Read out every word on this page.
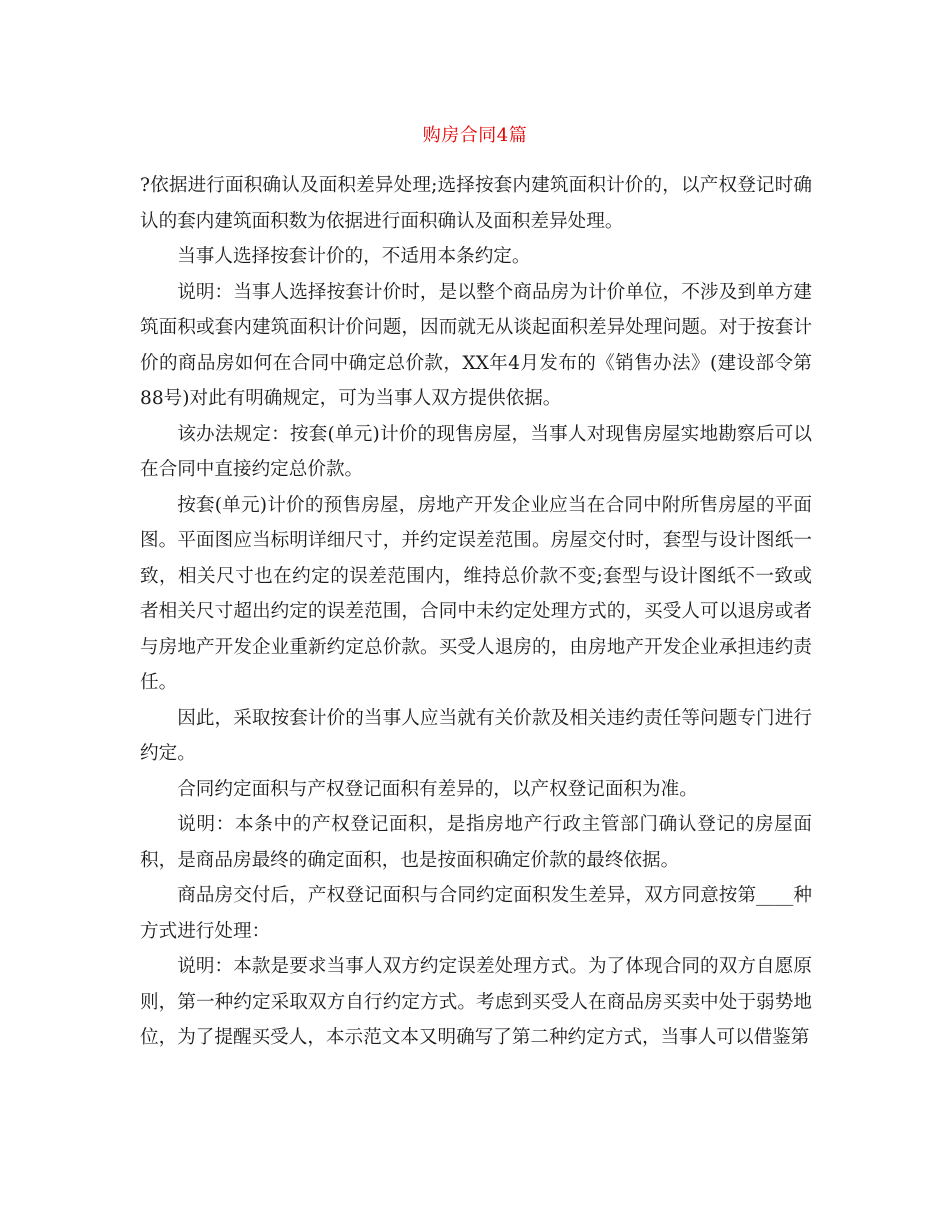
购房合同4篇

?依据进行面积确认及面积差异处理;选择按套内建筑面积计价的，以产权登记时确认的套内建筑面积数为依据进行面积确认及面积差异处理。

当事人选择按套计价的，不适用本条约定。

说明：当事人选择按套计价时，是以整个商品房为计价单位，不涉及到单方建筑面积或套内建筑面积计价问题，因而就无从谈起面积差异处理问题。对于按套计价的商品房如何在合同中确定总价款，XX年4月发布的《销售办法》(建设部令第88号)对此有明确规定，可为当事人双方提供依据。

该办法规定：按套(单元)计价的现售房屋，当事人对现售房屋实地勘察后可以在合同中直接约定总价款。

按套(单元)计价的预售房屋，房地产开发企业应当在合同中附所售房屋的平面图。平面图应当标明详细尺寸，并约定误差范围。房屋交付时，套型与设计图纸一致，相关尺寸也在约定的误差范围内，维持总价款不变;套型与设计图纸不一致或者相关尺寸超出约定的误差范围，合同中未约定处理方式的，买受人可以退房或者与房地产开发企业重新约定总价款。买受人退房的，由房地产开发企业承担违约责任。

因此，采取按套计价的当事人应当就有关价款及相关违约责任等问题专门进行约定。

合同约定面积与产权登记面积有差异的，以产权登记面积为准。

说明：本条中的产权登记面积，是指房地产行政主管部门确认登记的房屋面积，是商品房最终的确定面积，也是按面积确定价款的最终依据。

商品房交付后，产权登记面积与合同约定面积发生差异，双方同意按第____种方式进行处理：

说明：本款是要求当事人双方约定误差处理方式。为了体现合同的双方自愿原则，第一种约定采取双方自行约定方式。考虑到买受人在商品房买卖中处于弱势地位，为了提醒买受人，本示范文本又明确写了第二种约定方式，当事人可以借鉴第
